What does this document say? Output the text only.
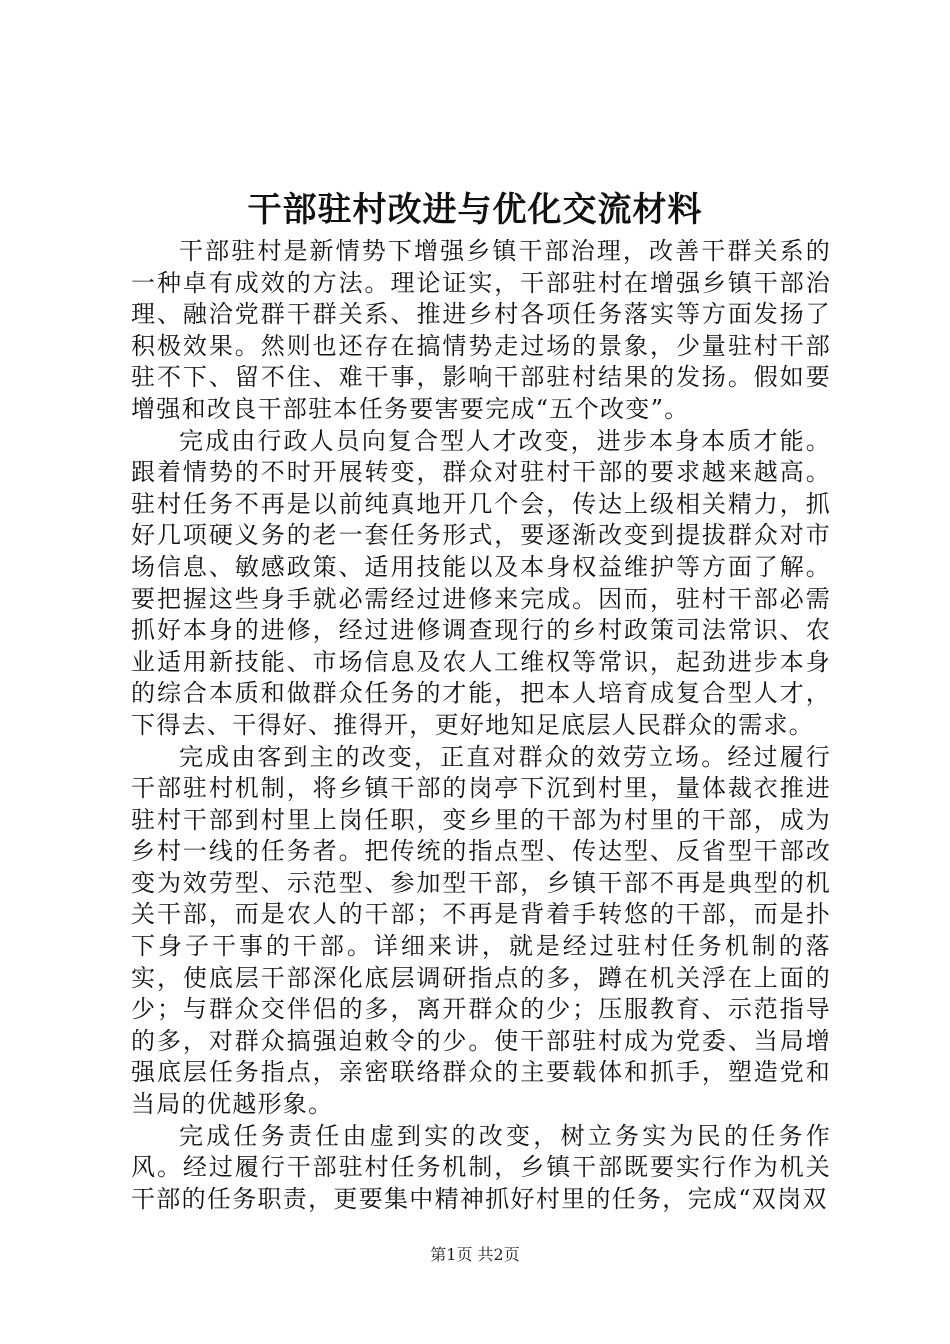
干部驻村改进与优化交流材料

干部驻村是新情势下增强乡镇干部治理，改善干群关系的一种卓有成效的方法。理论证实，干部驻村在增强乡镇干部治理、融洽党群干群关系、推进乡村各项任务落实等方面发扬了积极效果。然则也还存在搞情势走过场的景象，少量驻村干部驻不下、留不住、难干事，影响干部驻村结果的发扬。假如要增强和改良干部驻本任务要害要完成“五个改变”。

完成由行政人员向复合型人才改变，进步本身本质才能。跟着情势的不时开展转变，群众对驻村干部的要求越来越高。驻村任务不再是以前纯真地开几个会，传达上级相关精力，抓好几项硬义务的老一套任务形式，要逐渐改变到提拔群众对市场信息、敏感政策、适用技能以及本身权益维护等方面了解。要把握这些身手就必需经过进修来完成。因而，驻村干部必需抓好本身的进修，经过进修调查现行的乡村政策司法常识、农业适用新技能、市场信息及农人工维权等常识，起劲进步本身的综合本质和做群众任务的才能，把本人培育成复合型人才，下得去、干得好、推得开，更好地知足底层人民群众的需求。

完成由客到主的改变，正直对群众的效劳立场。经过履行干部驻村机制，将乡镇干部的岗亭下沉到村里，量体裁衣推进驻村干部到村里上岗任职，变乡里的干部为村里的干部，成为乡村一线的任务者。把传统的指点型、传达型、反省型干部改变为效劳型、示范型、参加型干部，乡镇干部不再是典型的机关干部，而是农人的干部；不再是背着手转悠的干部，而是扑下身子干事的干部。详细来讲，就是经过驻村任务机制的落实，使底层干部深化底层调研指点的多，蹲在机关浮在上面的少；与群众交伴侣的多，离开群众的少；压服教育、示范指导的多，对群众搞强迫敕令的少。使干部驻村成为党委、当局增强底层任务指点，亲密联络群众的主要载体和抓手，塑造党和当局的优越形象。

完成任务责任由虚到实的改变，树立务实为民的任务作风。经过履行干部驻村任务机制，乡镇干部既要实行作为机关干部的任务职责，更要集中精神抓好村里的任务，完成“双岗双

第1页 共2页
